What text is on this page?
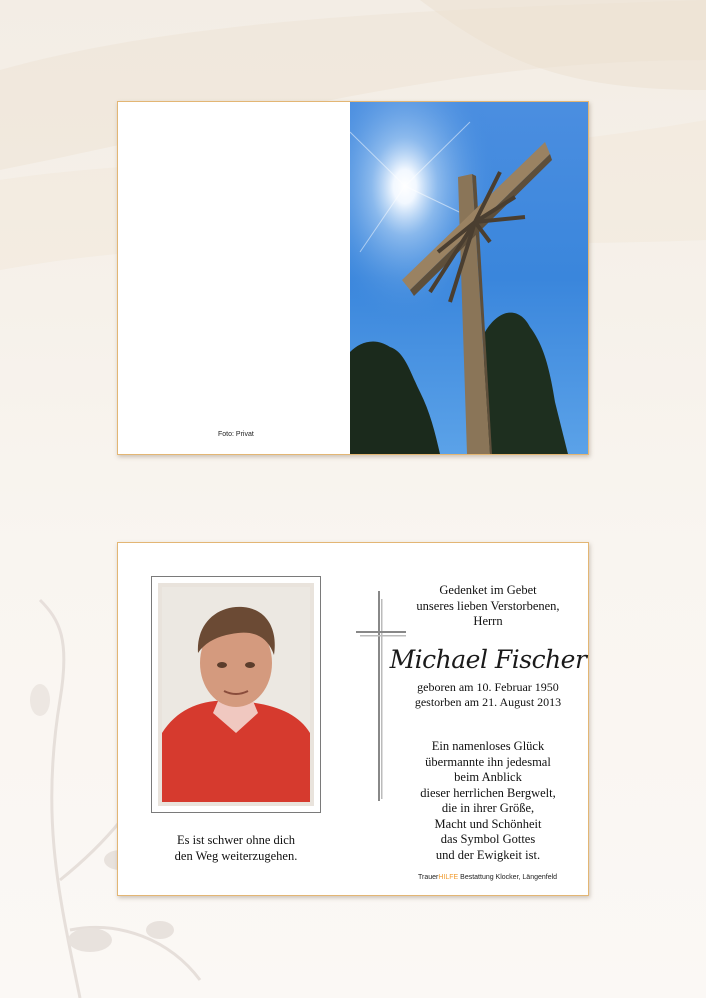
Foto: Privat
Es ist schwer ohne dich
den Weg weiterzugehen.
Gedenket im Gebet
unseres lieben Verstorbenen,
Herrn
Michael Fischer
geboren am 10. Februar 1950
gestorben am 21. August 2013
Ein namenloses Glück
übermannte ihn jedesmal
beim Anblick
dieser herrlichen Bergwelt,
die in ihrer Größe,
Macht und Schönheit
das Symbol Gottes
und der Ewigkeit ist.
TrauerHILFE Bestattung Klocker, Längenfeld
